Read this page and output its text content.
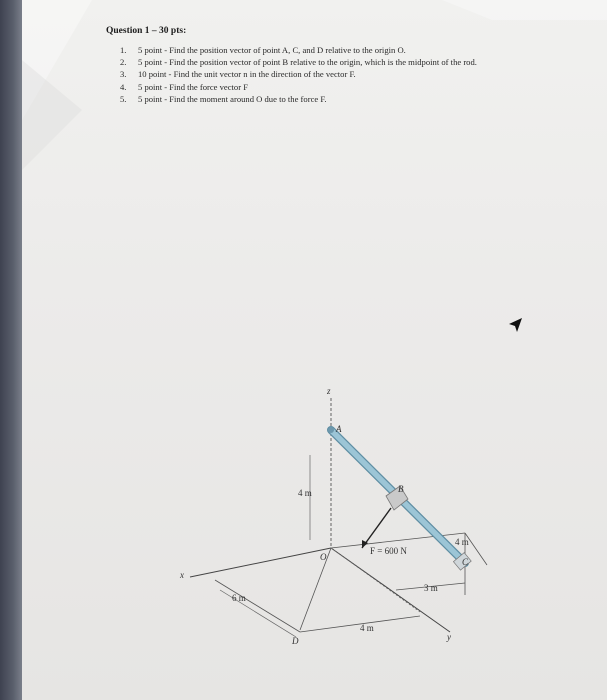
Question 1 – 30 pts:
1.	5 point - Find the position vector of point A, C, and D relative to the origin O.
2.	5 point - Find the position vector of point B relative to the origin, which is the midpoint of the rod.
3.	10 point - Find the unit vector n in the direction of the vector F.
4.	5 point - Find the force vector F
5.	5 point - Find the moment around O due to the force F.
z
x
y
A
B
C
D
O
4 m
6 m
4 m
3 m
4 m
F = 600 N
